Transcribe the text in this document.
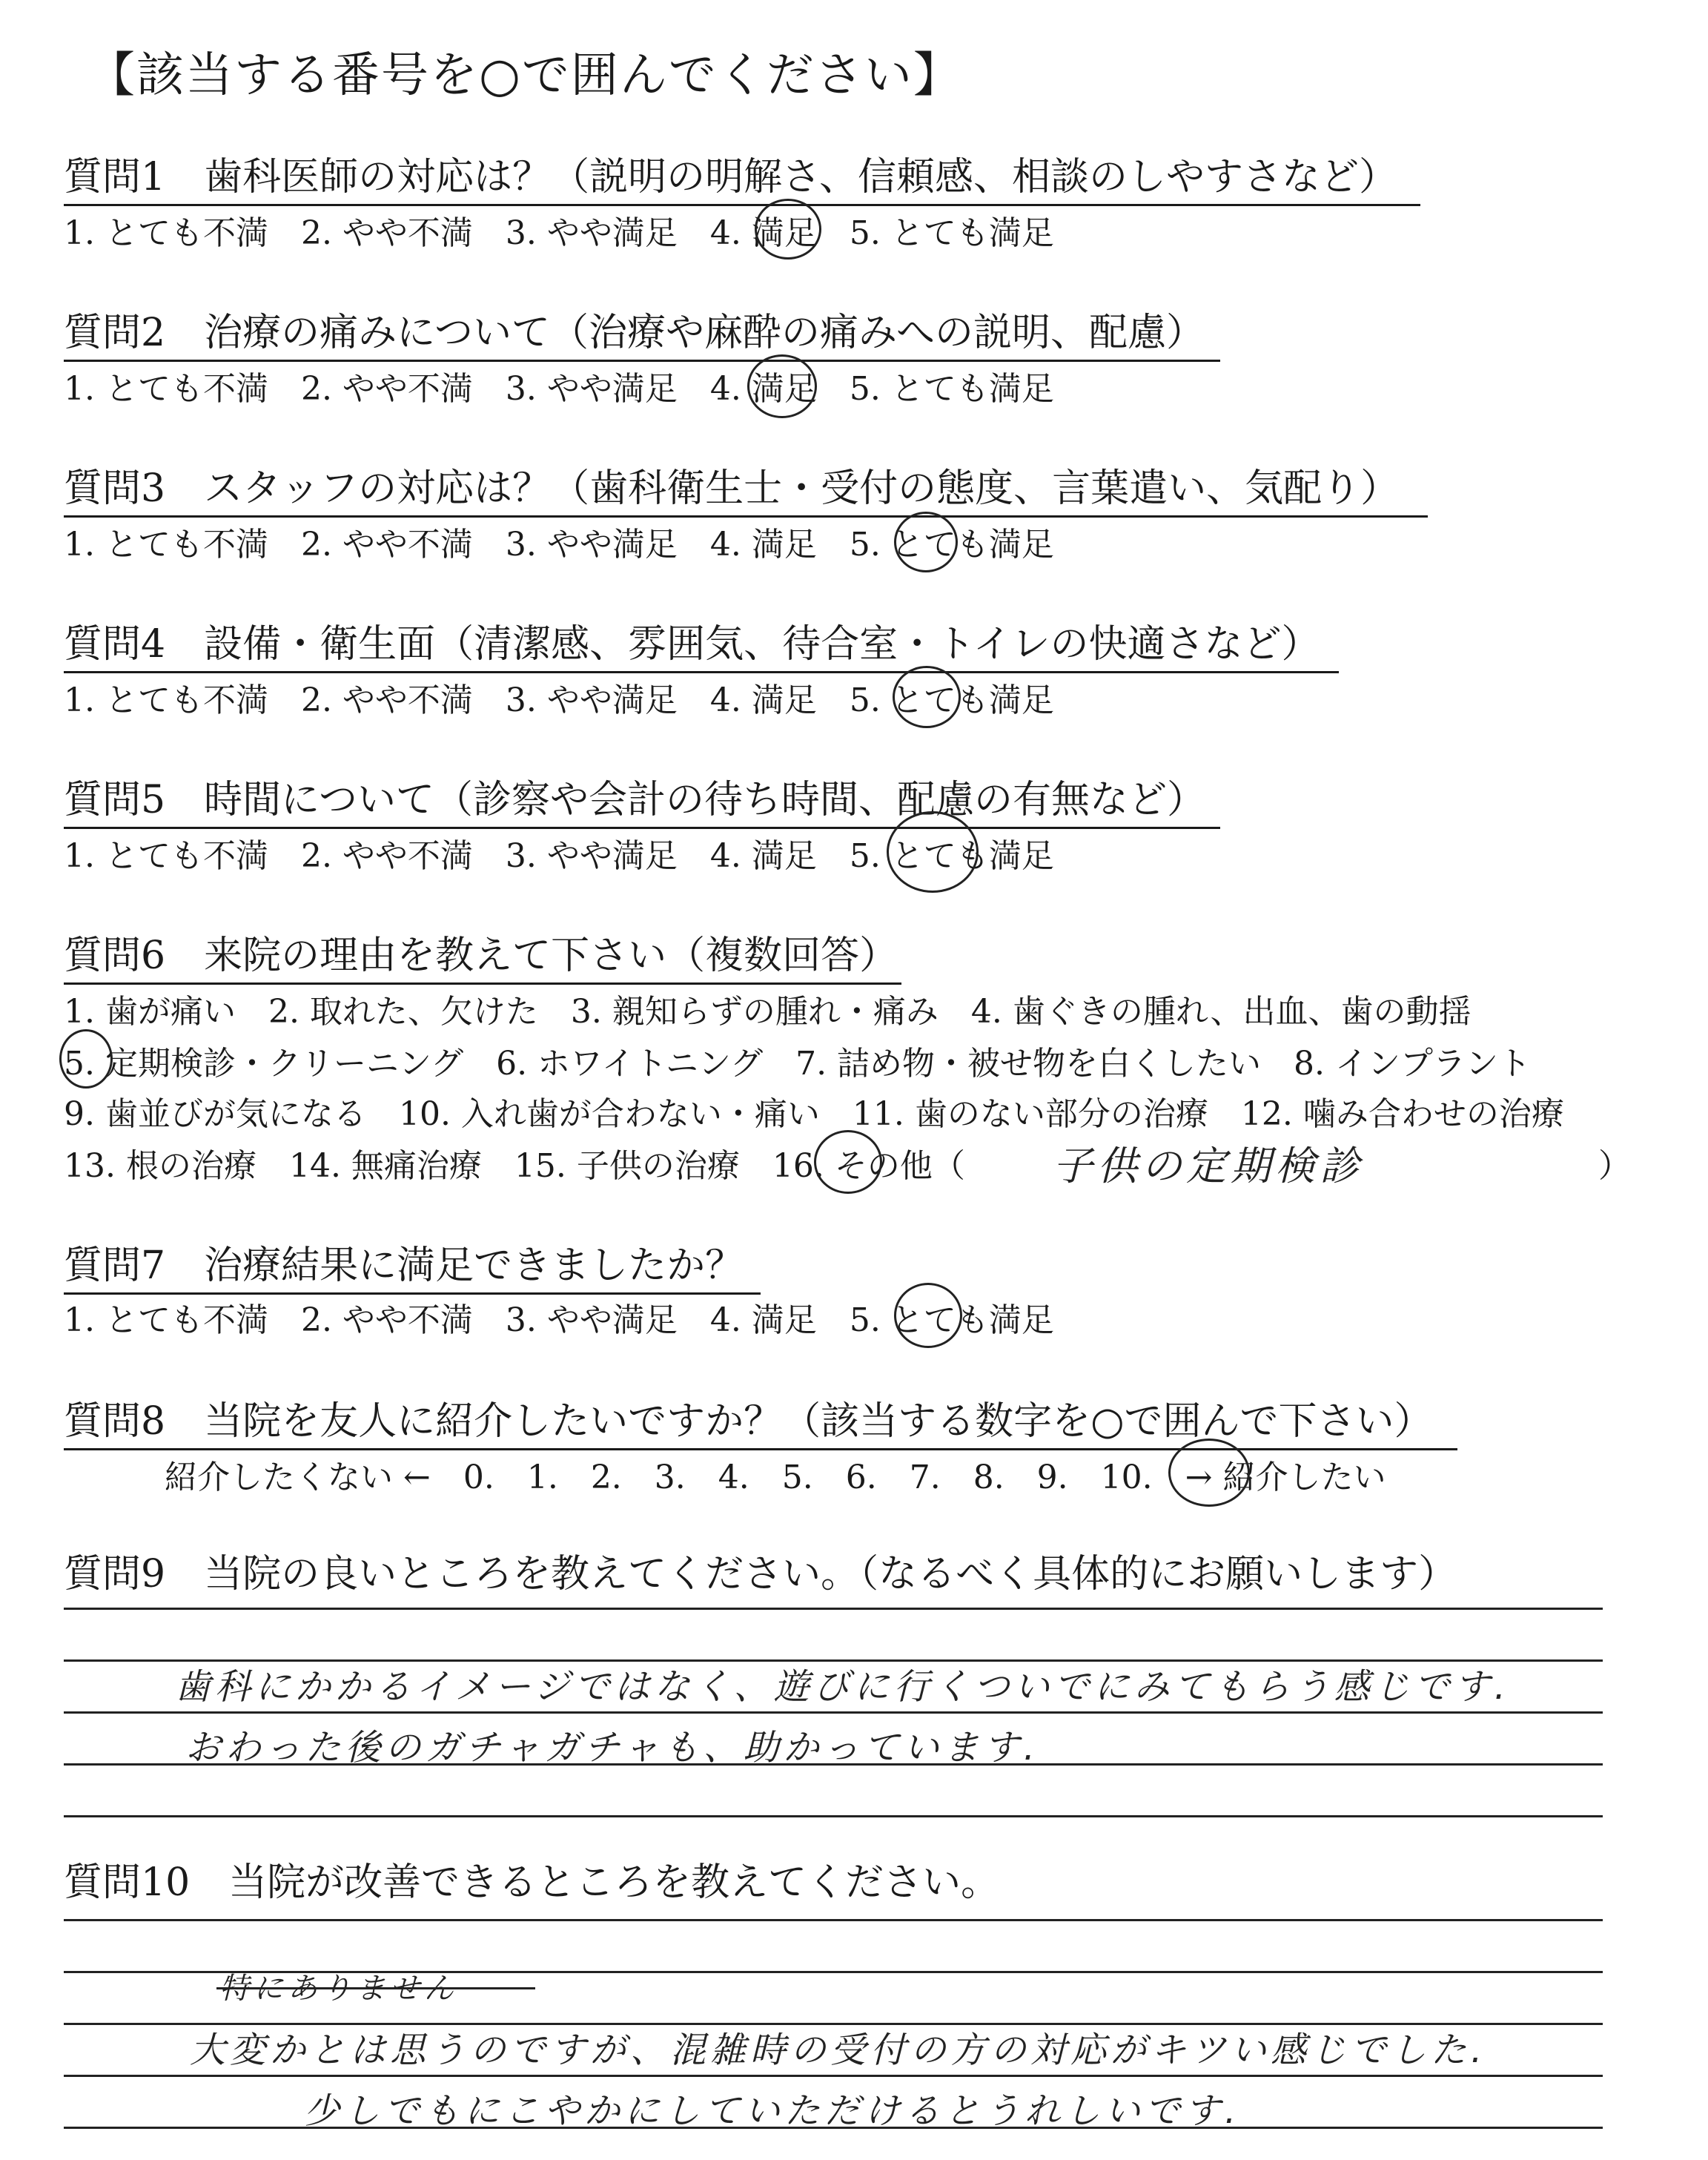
【該当する番号を○で囲んでください】
質問1　歯科医師の対応は？（説明の明解さ、信頼感、相談のしやすさなど）
1. とても不満　2. やや不満　3. やや満足　4. 満足　5. とても満足
質問2　治療の痛みについて（治療や麻酔の痛みへの説明、配慮）
1. とても不満　2. やや不満　3. やや満足　4. 満足　5. とても満足
質問3　スタッフの対応は？（歯科衛生士・受付の態度、言葉遣い、気配り）
1. とても不満　2. やや不満　3. やや満足　4. 満足　5. とても満足
質問4　設備・衛生面（清潔感、雰囲気、待合室・トイレの快適さなど）
1. とても不満　2. やや不満　3. やや満足　4. 満足　5. とても満足
質問5　時間について（診察や会計の待ち時間、配慮の有無など）
1. とても不満　2. やや不満　3. やや満足　4. 満足　5. とても満足
質問6　来院の理由を教えて下さい（複数回答）
1. 歯が痛い　2. 取れた、欠けた　3. 親知らずの腫れ・痛み　4. 歯ぐきの腫れ、出血、歯の動揺
5. 定期検診・クリーニング　6. ホワイトニング　7. 詰め物・被せ物を白くしたい　8. インプラント
9. 歯並びが気になる　10. 入れ歯が合わない・痛い　11. 歯のない部分の治療　12. 噛み合わせの治療
13. 根の治療　14. 無痛治療　15. 子供の治療　16. その他（ 子供の定期検診	）
質問7　治療結果に満足できましたか？
1. とても不満　2. やや不満　3. やや満足　4. 満足　5. とても満足
質問8　当院を友人に紹介したいですか？（該当する数字を○で囲んで下さい）
紹介したくない ←　0.　1.　2.　3.　4.　5.　6.　7.　8.　9.　10.　→ 紹介したい
質問9　当院の良いところを教えてください。（なるべく具体的にお願いします）
歯科にかかるイメージではなく、遊びに行くついでにみてもらう感じです.
おわった後のガチャガチャも、助かっています.
質問10　当院が改善できるところを教えてください。
特にありません
大変かとは思うのですが、混雑時の受付の方の対応がキツい感じでした.
少しでもにこやかにしていただけるとうれしいです.
